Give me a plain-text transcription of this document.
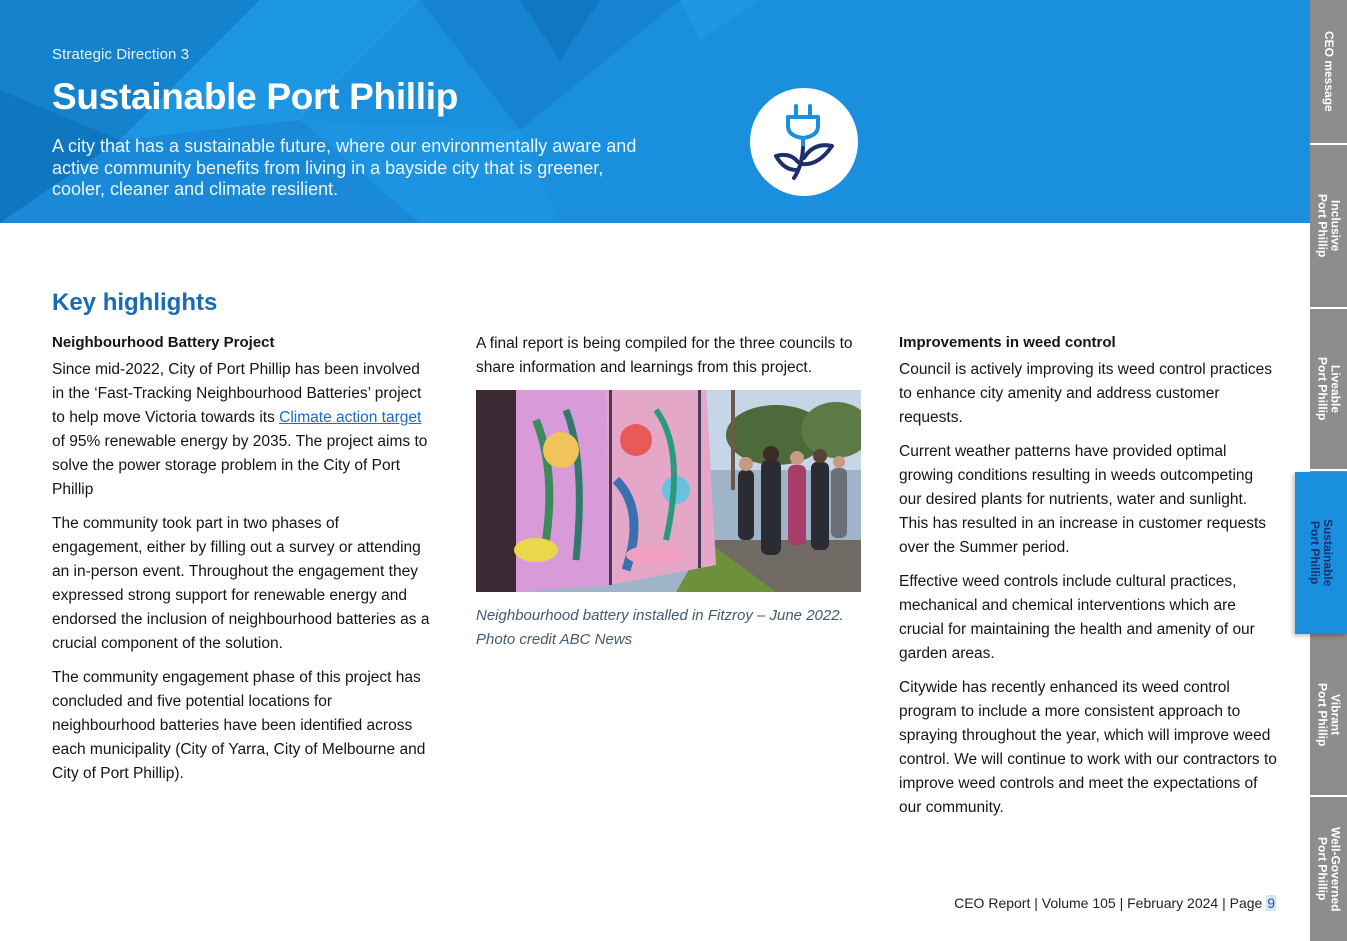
Strategic Direction 3
Sustainable Port Phillip
A city that has a sustainable future, where our environmentally aware and active community benefits from living in a bayside city that is greener, cooler, cleaner and climate resilient.
CEO message
Inclusive
Port Phillip
Liveable
Port Phillip
Vibrant
Port Phillip
Well-Governed
Port Phillip
Sustainable
Port Phillip
Key highlights
Neighbourhood Battery Project

Since mid-2022, City of Port Phillip has been involved in the ‘Fast-Tracking Neighbourhood Batteries’ project to help move Victoria towards its Climate action target of 95% renewable energy by 2035. The project aims to solve the power storage problem in the City of Port Phillip

The community took part in two phases of engagement, either by filling out a survey or attending an in-person event. Throughout the engagement they expressed strong support for renewable energy and endorsed the inclusion of neighbourhood batteries as a crucial component of the solution.

The community engagement phase of this project has concluded and five potential locations for neighbourhood batteries have been identified across each municipality (City of Yarra, City of Melbourne and City of Port Phillip).

A final report is being compiled for the three councils to share information and learnings from this project.

Neighbourhood battery installed in Fitzroy – June 2022. Photo credit ABC News
Improvements in weed control

Council is actively improving its weed control practices to enhance city amenity and address customer requests.

Current weather patterns have provided optimal growing conditions resulting in weeds outcompeting our desired plants for nutrients, water and sunlight. This has resulted in an increase in customer requests over the Summer period.

Effective weed controls include cultural practices, mechanical and chemical interventions which are crucial for maintaining the health and amenity of our garden areas.

Citywide has recently enhanced its weed control program to include a more consistent approach to spraying throughout the year, which will improve weed control. We will continue to work with our contractors to improve weed controls and meet the expectations of our community.

CEO Report | Volume 105 | February 2024 | Page 9
